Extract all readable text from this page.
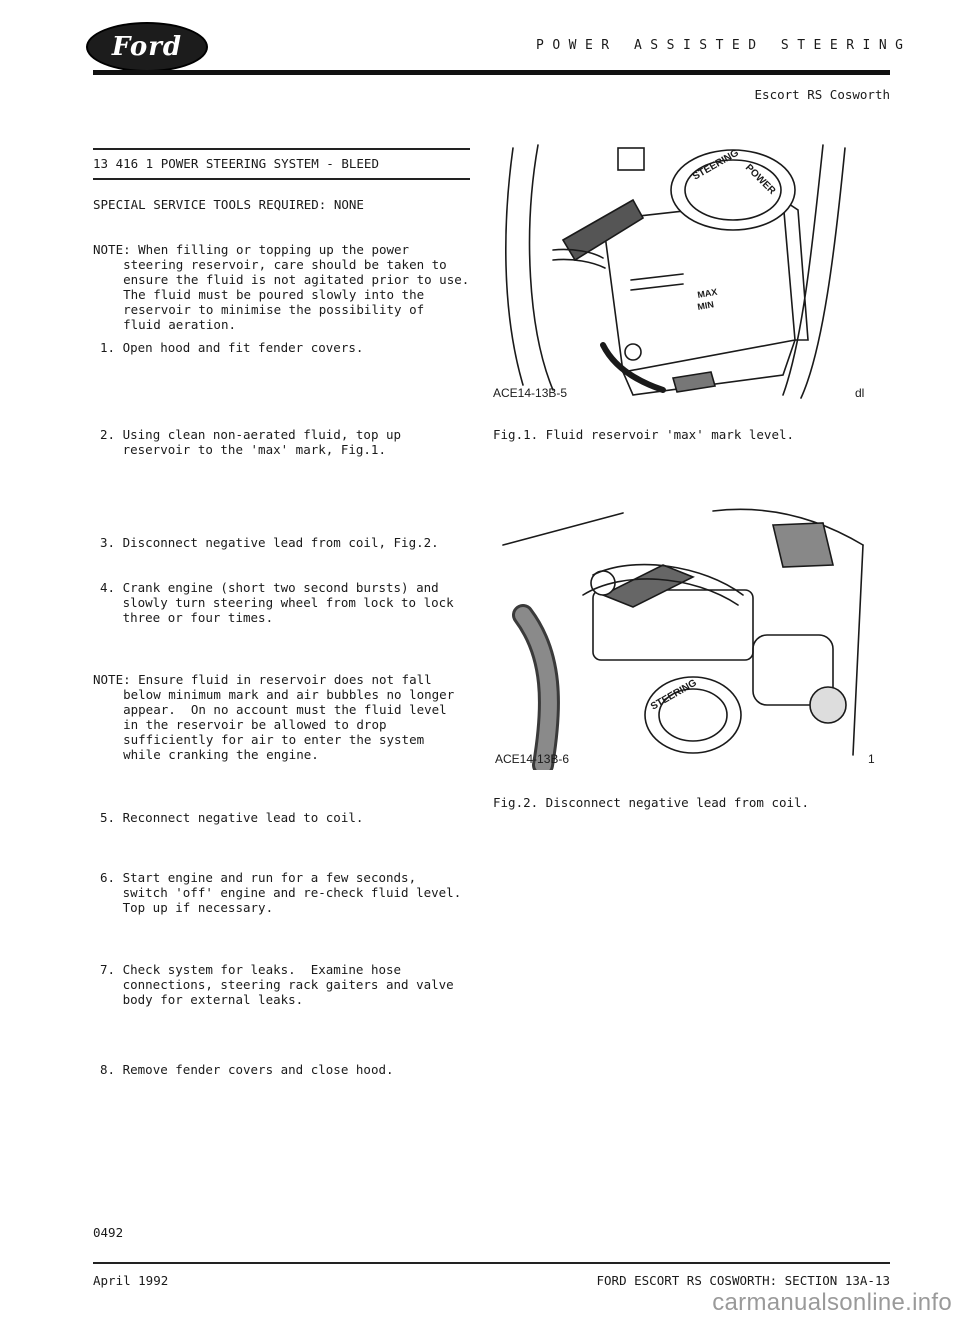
Ford	POWER ASSISTED STEERING
Escort RS Cosworth
13 416 1 POWER STEERING SYSTEM - BLEED
SPECIAL SERVICE TOOLS REQUIRED: NONE
NOTE: When filling or topping up the power
steering reservoir, care should be taken to
ensure the fluid is not agitated prior to use.
The fluid must be poured slowly into the
reservoir to minimise the possibility of
fluid aeration.
1. Open hood and fit fender covers.
2. Using clean non-aerated fluid, top up
reservoir to the 'max' mark, Fig.1.
3. Disconnect negative lead from coil, Fig.2.
4. Crank engine (short two second bursts) and
slowly turn steering wheel from lock to lock
three or four times.
NOTE: Ensure fluid in reservoir does not fall
below minimum mark and air bubbles no longer
appear.  On no account must the fluid level
in the reservoir be allowed to drop
sufficiently for air to enter the system
while cranking the engine.
5. Reconnect negative lead to coil.
6. Start engine and run for a few seconds,
switch 'off' engine and re-check fluid level.
Top up if necessary.
7. Check system for leaks.  Examine hose
connections, steering rack gaiters and valve
body for external leaks.
8. Remove fender covers and close hood.
STEERING POWER
MAX
MIN
ACE14-13B-5	dl
Fig.1. Fluid reservoir 'max' mark level.
STEERING
ACE14-13B-6	1
Fig.2. Disconnect negative lead from coil.
0492
April 1992	FORD ESCORT RS COSWORTH: SECTION 13A-13
carmanualsonline.info
